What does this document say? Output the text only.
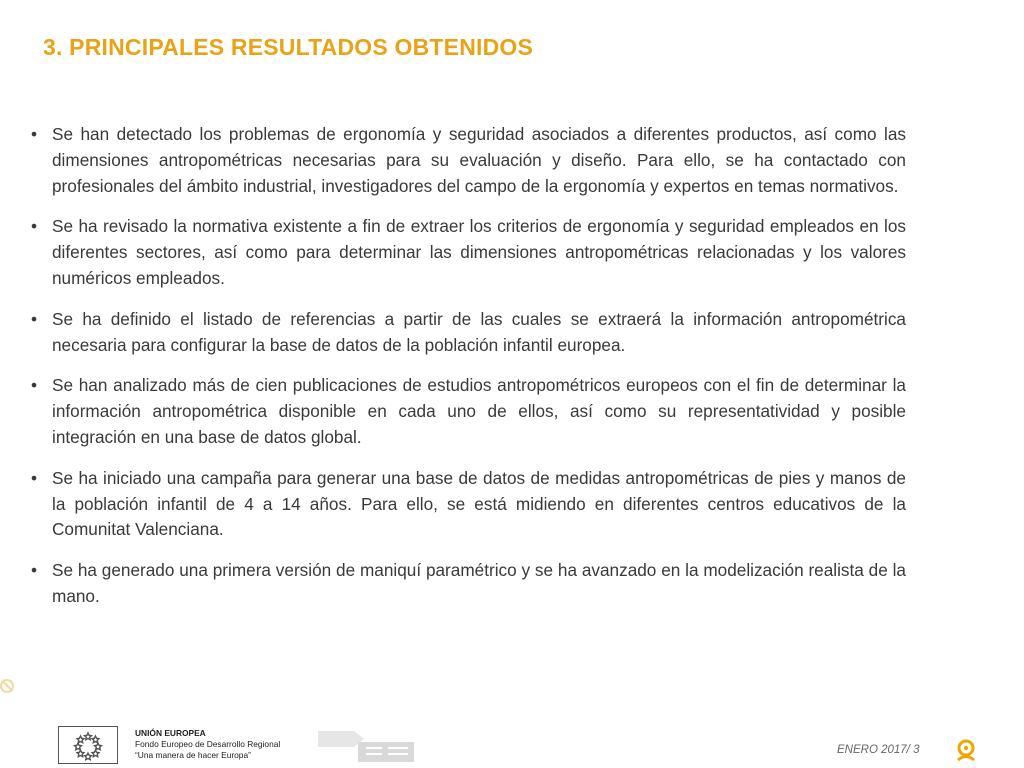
3. PRINCIPALES RESULTADOS OBTENIDOS
• Se han detectado los problemas de ergonomía y seguridad asociados a diferentes productos, así como las dimensiones antropométricas necesarias para su evaluación y diseño. Para ello, se ha contactado con profesionales del ámbito industrial, investigadores del campo de la ergonomía y expertos en temas normativos.
• Se ha revisado la normativa existente a fin de extraer los criterios de ergonomía y seguridad empleados en los diferentes sectores, así como para determinar las dimensiones antropométricas relacionadas y los valores numéricos empleados.
• Se ha definido el listado de referencias a partir de las cuales se extraerá la información antropométrica necesaria para configurar la base de datos de la población infantil europea.
• Se han analizado más de cien publicaciones de estudios antropométricos europeos con el fin de determinar la información antropométrica disponible en cada uno de ellos, así como su representatividad y posible integración en una base de datos global.
• Se ha iniciado una campaña para generar una base de datos de medidas antropométricas de pies y manos de la población infantil de 4 a 14 años. Para ello, se está midiendo en diferentes centros educativos de la Comunitat Valenciana.
• Se ha generado una primera versión de maniquí paramétrico y se ha avanzado en la modelización realista de la mano.
UNIÓN EUROPEA
Fondo Europeo de Desarrollo Regional
“Una manera de hacer Europa”	ENERO 2017/ 3
